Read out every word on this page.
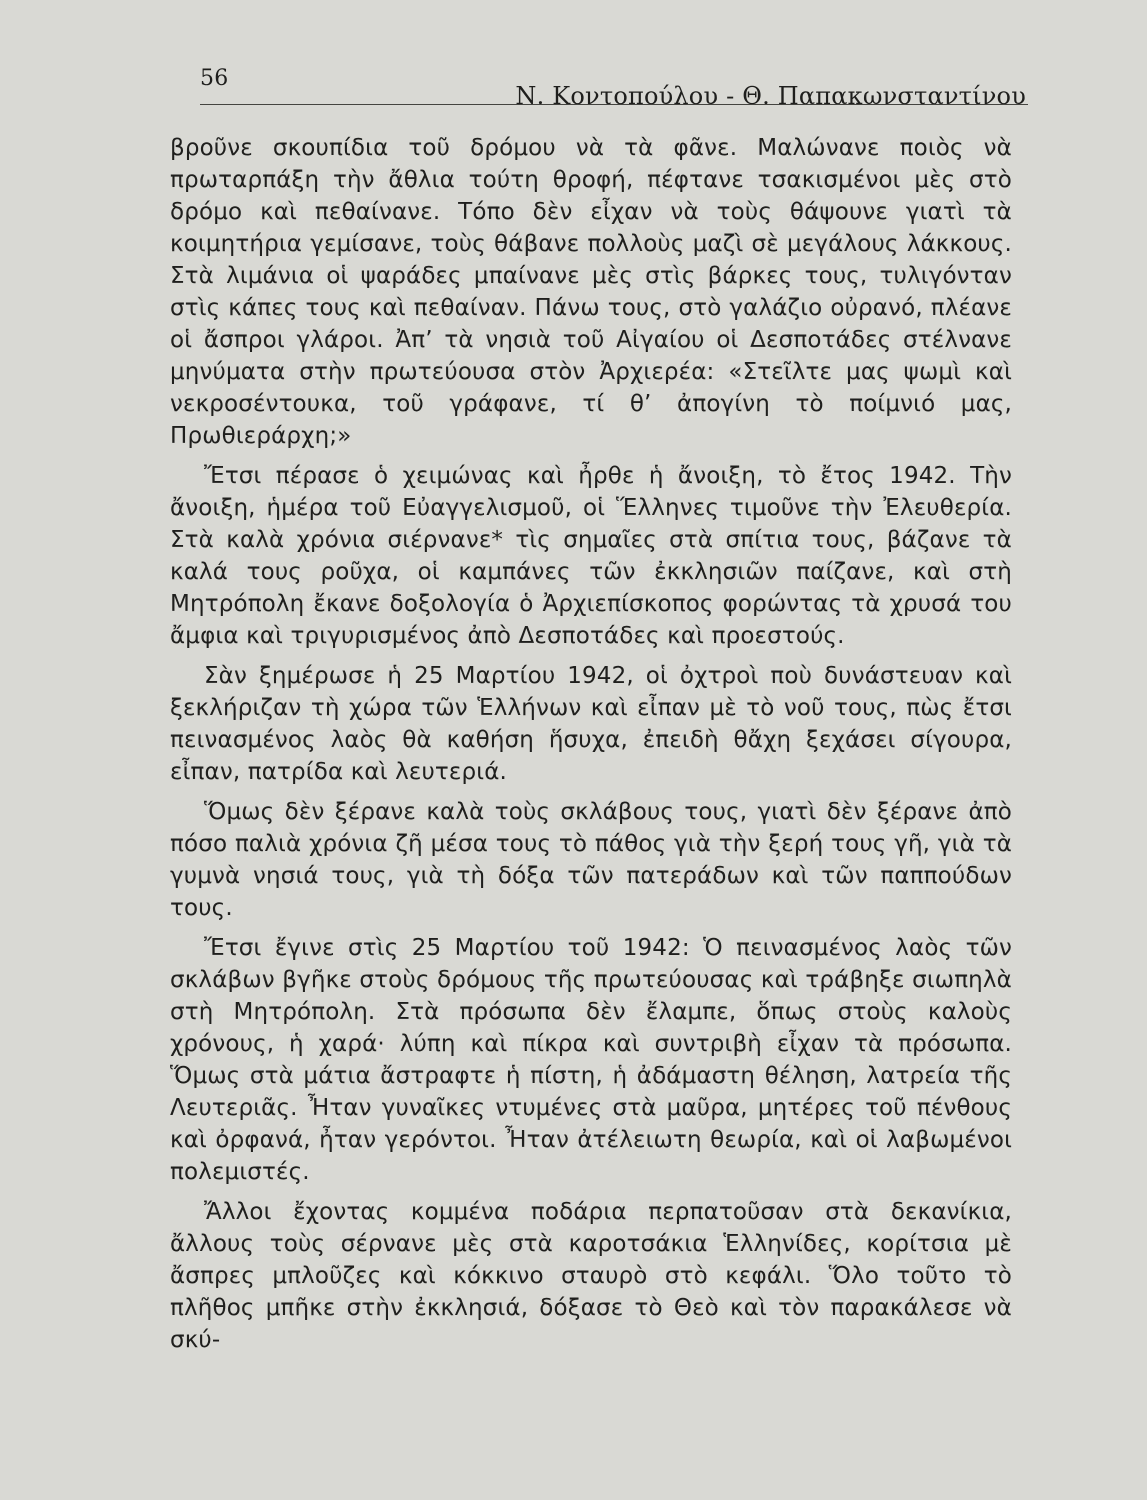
56
Ν. Κοντοπούλου - Θ. Παπακωνσταντίνου

βροῦνε σκουπίδια τοῦ δρόμου νὰ τὰ φᾶνε. Μαλώνανε ποιὸς νὰ πρωταρπάξη τὴν ἄθλια τούτη θροφή, πέφτανε τσακισμένοι μὲς στὸ δρόμο καὶ πεθαίνανε. Τόπο δὲν εἶχαν νὰ τοὺς θάψουνε γιατὶ τὰ κοιμητήρια γεμίσανε, τοὺς θάβανε πολλοὺς μαζὶ σὲ μεγάλους λάκκους. Στὰ λιμάνια οἱ ψαράδες μπαίνανε μὲς στὶς βάρκες τους, τυλιγόνταν στὶς κάπες τους καὶ πεθαίναν. Πάνω τους, στὸ γαλάζιο οὐρανό, πλέανε οἱ ἄσπροι γλάροι. Ἀπ’ τὰ νησιὰ τοῦ Αἰγαίου οἱ Δεσποτάδες στέλνανε μηνύματα στὴν πρωτεύουσα στὸν Ἀρχιερέα: «Στεῖλτε μας ψωμὶ καὶ νεκροσέντουκα, τοῦ γράφανε, τί θ’ ἀπογίνη τὸ ποίμνιό μας, Πρωθιεράρχη;»

Ἔτσι πέρασε ὁ χειμώνας καὶ ἦρθε ἡ ἄνοιξη, τὸ ἔτος 1942. Τὴν ἄνοιξη, ἡμέρα τοῦ Εὐαγγελισμοῦ, οἱ Ἕλληνες τιμοῦνε τὴν Ἐλευθερία. Στὰ καλὰ χρόνια σιέρνανε* τὶς σημαῖες στὰ σπίτια τους, βάζανε τὰ καλά τους ροῦχα, οἱ καμπάνες τῶν ἐκκλησιῶν παίζανε, καὶ στὴ Μητρόπολη ἔκανε δοξολογία ὁ Ἀρχιεπίσκοπος φορώντας τὰ χρυσά του ἄμφια καὶ τριγυρισμένος ἀπὸ Δεσποτάδες καὶ προεστούς.

Σὰν ξημέρωσε ἡ 25 Μαρτίου 1942, οἱ ὀχτροὶ ποὺ δυνάστευαν καὶ ξεκλήριζαν τὴ χώρα τῶν Ἑλλήνων καὶ εἶπαν μὲ τὸ νοῦ τους, πὼς ἔτσι πεινασμένος λαὸς θὰ καθήση ἥσυχα, ἐπειδὴ θἄχη ξεχάσει σίγουρα, εἶπαν, πατρίδα καὶ λευτεριά.

Ὅμως δὲν ξέρανε καλὰ τοὺς σκλάβους τους, γιατὶ δὲν ξέρανε ἀπὸ πόσο παλιὰ χρόνια ζῆ μέσα τους τὸ πάθος γιὰ τὴν ξερή τους γῆ, γιὰ τὰ γυμνὰ νησιά τους, γιὰ τὴ δόξα τῶν πατεράδων καὶ τῶν παππούδων τους.

Ἔτσι ἔγινε στὶς 25 Μαρτίου τοῦ 1942: Ὁ πεινασμένος λαὸς τῶν σκλάβων βγῆκε στοὺς δρόμους τῆς πρωτεύουσας καὶ τράβηξε σιωπηλὰ στὴ Μητρόπολη. Στὰ πρόσωπα δὲν ἔλαμπε, ὅπως στοὺς καλοὺς χρόνους, ἡ χαρά· λύπη καὶ πίκρα καὶ συντριβὴ εἶχαν τὰ πρόσωπα. Ὅμως στὰ μάτια ἄστραφτε ἡ πίστη, ἡ ἀδάμαστη θέληση, λατρεία τῆς Λευτεριᾶς. Ἦταν γυναῖκες ντυμένες στὰ μαῦρα, μητέρες τοῦ πένθους καὶ ὀρφανά, ἦταν γερόντοι. Ἦταν ἀτέλειωτη θεωρία, καὶ οἱ λαβωμένοι πολεμιστές.

Ἄλλοι ἔχοντας κομμένα ποδάρια περπατοῦσαν στὰ δεκανίκια, ἄλλους τοὺς σέρνανε μὲς στὰ καροτσάκια Ἑλληνίδες, κορίτσια μὲ ἄσπρες μπλοῦζες καὶ κόκκινο σταυρὸ στὸ κεφάλι. Ὅλο τοῦτο τὸ πλῆθος μπῆκε στὴν ἐκκλησιά, δόξασε τὸ Θεὸ καὶ τὸν παρακάλεσε νὰ σκύ-
